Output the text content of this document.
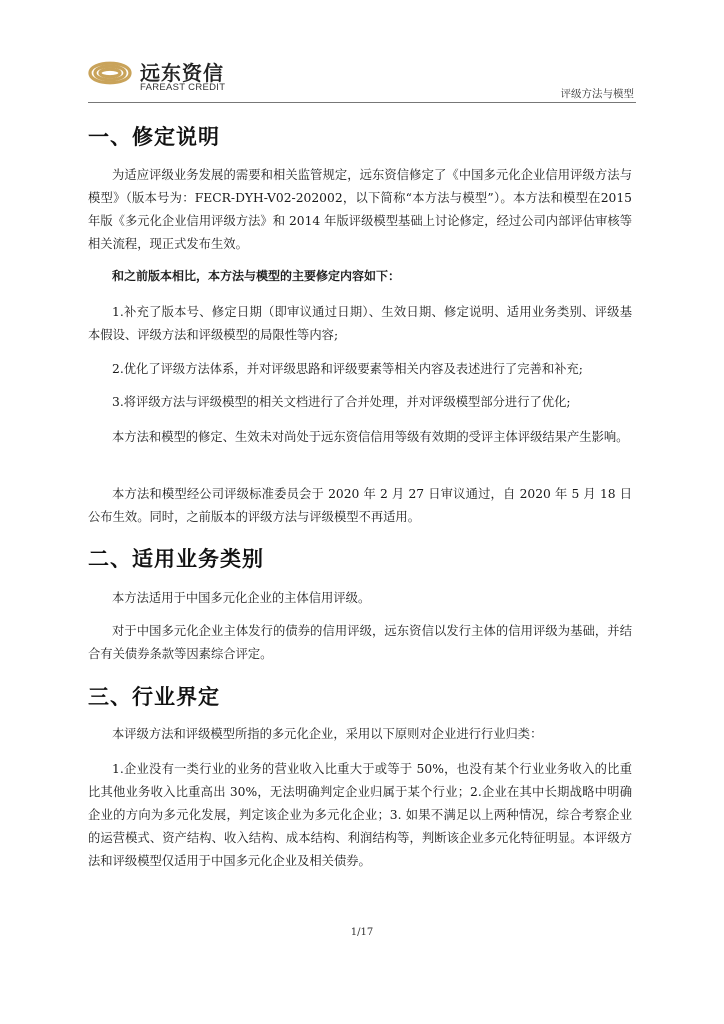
远东资信
FAREAST CREDIT
评级方法与模型
一、修定说明

为适应评级业务发展的需要和相关监管规定，远东资信修定了《中国多元化企业信用评级方法与模型》（版本号为：FECR-DYH-V02-202002，以下简称“本方法与模型”）。本方法和模型在2015 年版《多元化企业信用评级方法》和 2014 年版评级模型基础上讨论修定，经过公司内部评估审核等相关流程，现正式发布生效。

和之前版本相比，本方法与模型的主要修定内容如下：

1.补充了版本号、修定日期（即审议通过日期）、生效日期、修定说明、适用业务类别、评级基本假设、评级方法和评级模型的局限性等内容;

2.优化了评级方法体系，并对评级思路和评级要素等相关内容及表述进行了完善和补充;

3.将评级方法与评级模型的相关文档进行了合并处理，并对评级模型部分进行了优化;

本方法和模型的修定、生效未对尚处于远东资信信用等级有效期的受评主体评级结果产生影响。

本方法和模型经公司评级标准委员会于 2020 年 2 月 27 日审议通过，自 2020 年 5 月 18 日公布生效。同时，之前版本的评级方法与评级模型不再适用。

二、适用业务类别

本方法适用于中国多元化企业的主体信用评级。

对于中国多元化企业主体发行的债券的信用评级，远东资信以发行主体的信用评级为基础，并结合有关债券条款等因素综合评定。

三、行业界定

本评级方法和评级模型所指的多元化企业，采用以下原则对企业进行行业归类：

1.企业没有一类行业的业务的营业收入比重大于或等于 50%，也没有某个行业业务收入的比重比其他业务收入比重高出 30%，无法明确判定企业归属于某个行业；2.企业在其中长期战略中明确企业的方向为多元化发展，判定该企业为多元化企业；3. 如果不满足以上两种情况，综合考察企业的运营模式、资产结构、收入结构、成本结构、利润结构等，判断该企业多元化特征明显。本评级方法和评级模型仅适用于中国多元化企业及相关债券。

1/17
